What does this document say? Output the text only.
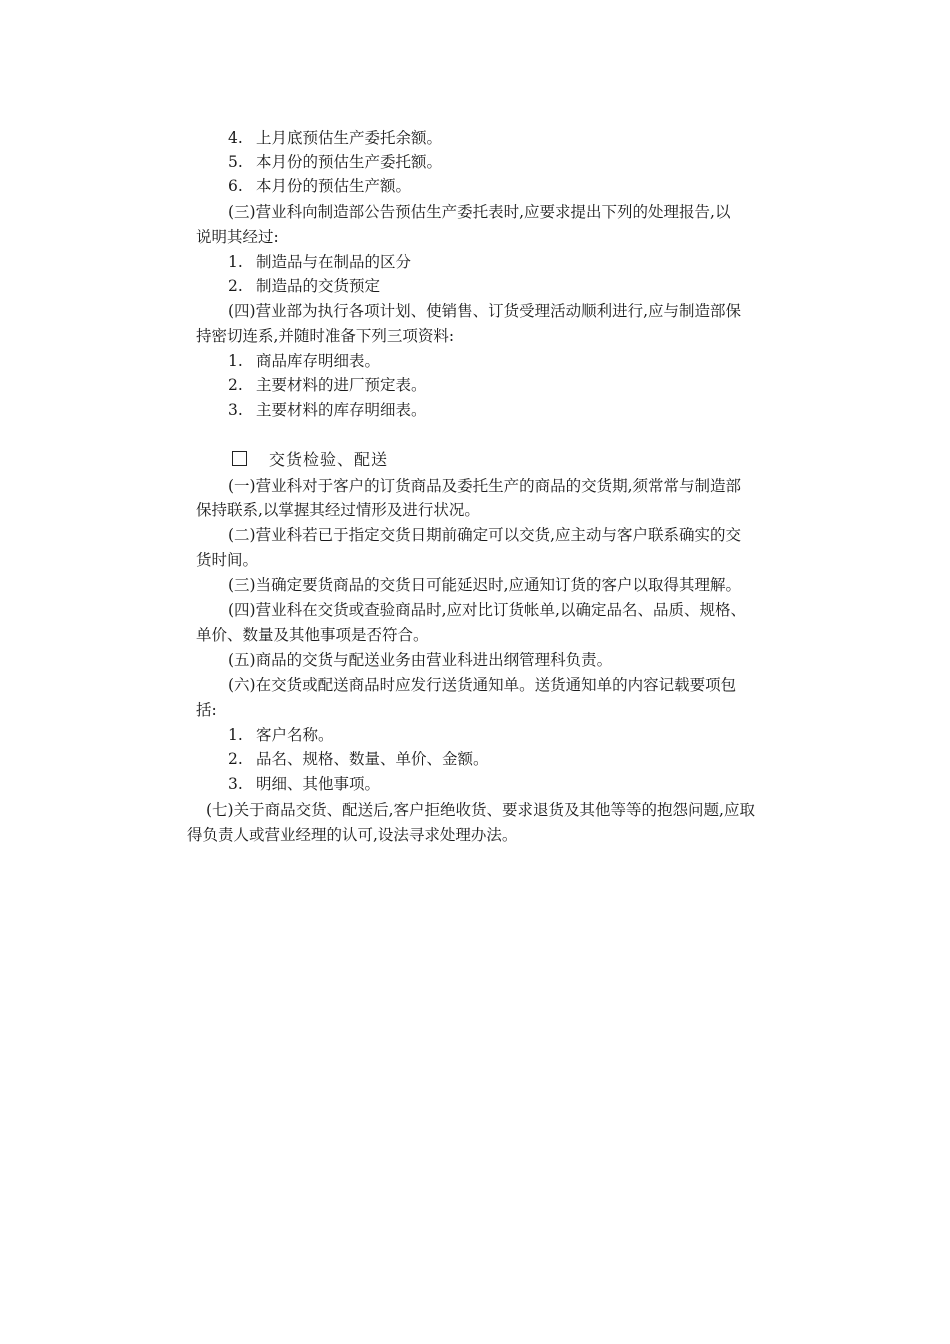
4. 上月底预估生产委托余额。
5. 本月份的预估生产委托额。
6. 本月份的预估生产额。
(三)营业科向制造部公告预估生产委托表时,应要求提出下列的处理报告,以
说明其经过:
1. 制造品与在制品的区分
2. 制造品的交货预定
(四)营业部为执行各项计划、使销售、订货受理活动顺利进行,应与制造部保
持密切连系,并随时准备下列三项资料:
1. 商品库存明细表。
2. 主要材料的进厂预定表。
3. 主要材料的库存明细表。
交货检验、配送
(一)营业科对于客户的订货商品及委托生产的商品的交货期,须常常与制造部
保持联系,以掌握其经过情形及进行状况。
(二)营业科若已于指定交货日期前确定可以交货,应主动与客户联系确实的交
货时间。
(三)当确定要货商品的交货日可能延迟时,应通知订货的客户以取得其理解。
(四)营业科在交货或查验商品时,应对比订货帐单,以确定品名、品质、规格、
单价、数量及其他事项是否符合。
(五)商品的交货与配送业务由营业科进出纲管理科负责。
(六)在交货或配送商品时应发行送货通知单。送货通知单的内容记载要项包
括:
1. 客户名称。
2. 品名、规格、数量、单价、金额。
3. 明细、其他事项。
(七)关于商品交货、配送后,客户拒绝收货、要求退货及其他等等的抱怨问题,应取
得负责人或营业经理的认可,设法寻求处理办法。
